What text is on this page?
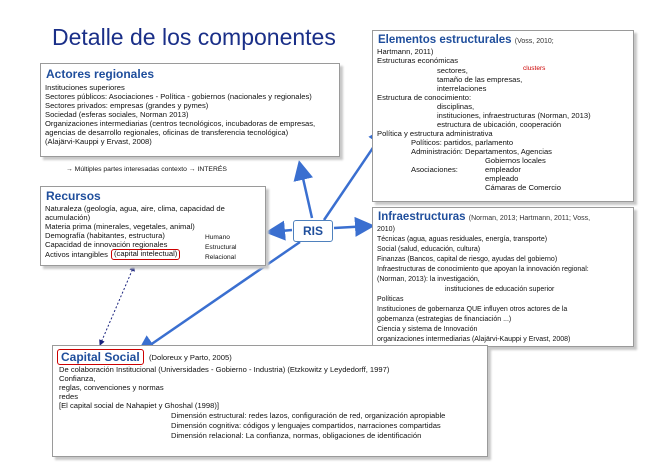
Detalle de los componentes
Actores regionales
Instituciones superiores
Sectores públicos: Asociaciones - Política - gobiernos (nacionales y regionales)
Sectores privados: empresas (grandes y pymes)
Sociedad (esferas sociales, Norman 2013)
Organizaciones intermediarias (centros tecnológicos, incubadoras de empresas,
agencias de desarrollo regionales, oficinas de transferencia tecnológica)
(Alajärvi-Kauppi y Ervast, 2008)
→ Múltiples partes interesadas contexto → INTERÉS
Elementos estructurales (Voss, 2010;
Hartmann, 2011)
Estructuras económicas
sectores,
tamaño de las empresas,
interrelaciones
Estructura de conocimiento:
disciplinas,
instituciones, infraestructuras (Norman, 2013)
estructura de ubicación, cooperación
Política y estructura administrativa
Políticos: partidos, parlamento
Administración: Departamentos, Agencias
Gobiernos locales
Asociaciones:	empleador
empleado
Cámaras de Comercio
clusters
Recursos
Naturaleza (geología, agua, aire, clima, capacidad de
acumulación)
Materia prima (minerales, vegetales, animal)
Demografía (habitantes, estructura)
Capacidad de innovación regionales
Activos intangibles (capital intelectual)
Humano
Estructural
Relacional
RIS
Infraestructuras (Norman, 2013; Hartmann, 2011; Voss,
2010)
Técnicas (agua, aguas residuales, energía, transporte)
Social (salud, educación, cultura)
Finanzas (Bancos, capital de riesgo, ayudas del gobierno)
Infraestructuras de conocimiento que apoyan la innovación regional:
(Norman, 2013): la investigación,
instituciones de educación superior
Políticas
Instituciones de gobernanza QUE influyen otros actores de la
gobernanza (estrategias de financiación ...)
Ciencia y sistema de Innovación
organizaciones intermediarias (Alajärvi-Kauppi y Ervast, 2008)
Capital Social	(Doloreux y Parto, 2005)
De colaboración Institucional (Universidades - Gobierno - Industria) (Etzkowitz y Leydedorff, 1997)
Confianza,
reglas, convenciones y normas
redes
[El capital social de Nahapiet y Ghoshal (1998)]
Dimensión estructural: redes lazos, configuración de red, organización apropiable
Dimensión cognitiva: códigos y lenguajes compartidos, narraciones compartidas
Dimensión relacional: La confianza, normas, obligaciones de identificación
